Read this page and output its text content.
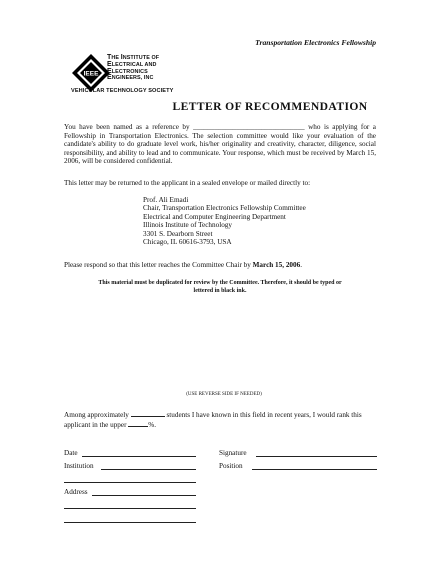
Transportation Electronics Fellowship
IEEE
THE INSTITUTE OF
ELECTRICAL AND
ELECTRONICS
ENGINEERS, INC
VEHICULAR TECHNOLOGY SOCIETY
LETTER OF RECOMMENDATION
You have been named as a reference by _______________________________ who is applying for a Fellowship in Transportation Electronics. The selection committee would like your evaluation of the candidate's ability to do graduate level work, his/her originality and creativity, character, diligence, social responsibility, and ability to lead and to communicate. Your response, which must be received by March 15, 2006, will be considered confidential.
This letter may be returned to the applicant in a sealed envelope or mailed directly to:
Prof. Ali Emadi
Chair, Transportation Electronics Fellowship Committee
Electrical and Computer Engineering Department
Illinois Institute of Technology
3301 S. Dearborn Street
Chicago, IL 60616-3793, USA
Please respond so that this letter reaches the Committee Chair by March 15, 2006.
This material must be duplicated for review by the Committee. Therefore, it should be typed or
lettered in black ink.
(USE REVERSE SIDE IF NEEDED)
Among approximately	students I have known in this field in recent years, I would rank this applicant in the upper	%.
Date	Signature
Institution	Position
Address
